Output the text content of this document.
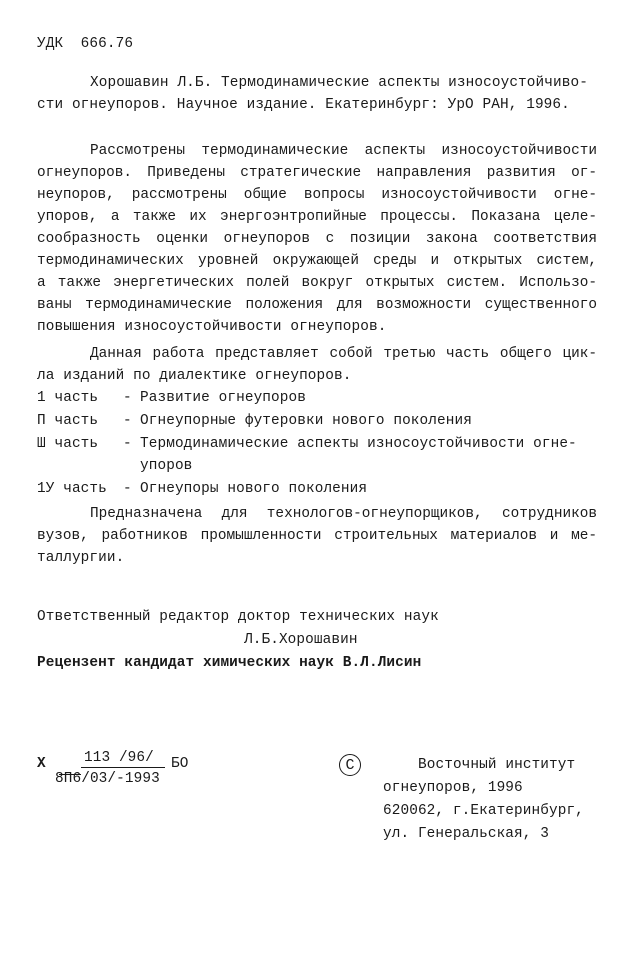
УДК  666.76
Хорошавин Л.Б. Термодинамические аспекты износоустойчиво-
сти огнеупоров. Научное издание. Екатеринбург: УрО РАН, 1996.
Рассмотрены термодинамические аспекты износоустойчивости
огнеупоров. Приведены стратегические направления развития ог-
неупоров, рассмотрены общие вопросы износоустойчивости огне-
упоров, а также их энергоэнтропийные процессы. Показана целе-
сообразность оценки огнеупоров с позиции закона соответствия
термодинамических уровней окружающей среды и открытых систем,
а также энергетических полей вокруг открытых систем. Использо-
ваны термодинамические положения для возможности существенного
повышения износоустойчивости огнеупоров.
Данная работа представляет собой третью часть общего цик-
ла изданий по диалектике огнеупоров.
1 часть - Развитие огнеупоров
П часть - Огнеупорные футеровки нового поколения
Ш часть - Термодинамические аспекты износоустойчивости огне-
упоров
1У часть - Огнеупоры нового поколения
Предназначена для технологов-огнеупорщиков, сотрудников
вузов, работников промышленности строительных материалов и ме-
таллургии.
Ответственный редактор доктор технических наук
Л.Б.Хорошавин
Рецензент кандидат химических наук В.Л.Лисин
Х	113 /96/ БО
8П6/03/-1993
C	Восточный институт
огнеупоров, 1996
620062, г.Екатеринбург,
ул. Генеральская, 3
